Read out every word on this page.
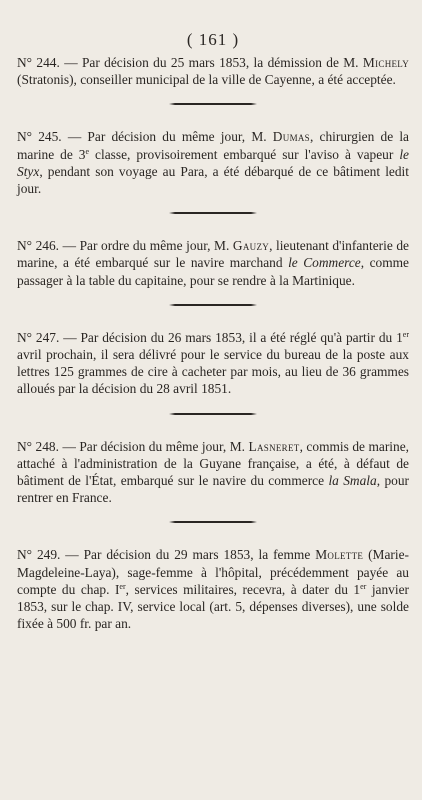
( 161 )

N° 244. — Par décision du 25 mars 1853, la démission de M. Michely (Stratonis), conseiller municipal de la ville de Cayenne, a été acceptée.

N° 245. — Par décision du même jour, M. Dumas, chirurgien de la marine de 3e classe, provisoirement embarqué sur l'aviso à vapeur le Styx, pendant son voyage au Para, a été débarqué de ce bâtiment ledit jour.

N° 246. — Par ordre du même jour, M. Gauzy, lieutenant d'infanterie de marine, a été embarqué sur le navire marchand le Commerce, comme passager à la table du capitaine, pour se rendre à la Martinique.

N° 247. — Par décision du 26 mars 1853, il a été réglé qu'à partir du 1er avril prochain, il sera délivré pour le service du bureau de la poste aux lettres 125 grammes de cire à cacheter par mois, au lieu de 36 grammes alloués par la décision du 28 avril 1851.

N° 248. — Par décision du même jour, M. Lasneret, commis de marine, attaché à l'administration de la Guyane française, a été, à défaut de bâtiment de l'État, embarqué sur le navire du commerce la Smala, pour rentrer en France.

N° 249. — Par décision du 29 mars 1853, la femme Molette (Marie-Magdeleine-Laya), sage-femme à l'hôpital, précédemment payée au compte du chap. Ier, services militaires, recevra, à dater du 1er janvier 1853, sur le chap. IV, service local (art. 5, dépenses diverses), une solde fixée à 500 fr. par an.
